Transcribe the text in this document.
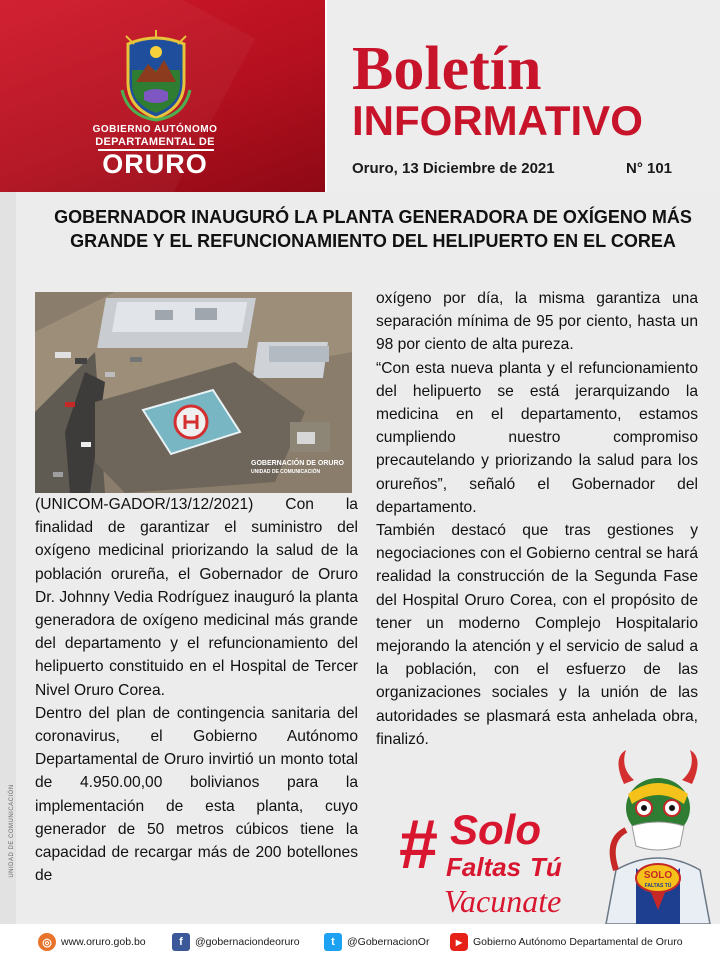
GOBIERNO AUTÓNOMO
DEPARTAMENTAL DE
ORURO
Boletín
INFORMATIVO
Oruro, 13 Diciembre de 2021	N° 101
UNIDAD DE COMUNICACIÓN
GOBERNADOR INAUGURÓ LA PLANTA GENERADORA DE OXÍGENO MÁS GRANDE Y EL REFUNCIONAMIENTO DEL HELIPUERTO EN EL COREA
GOBERNACIÓN DE ORURO
UNIDAD DE COMUNICACIÓN

(UNICOM-GADOR/13/12/2021) Con la finalidad de garantizar el suministro del oxígeno medicinal priorizando la salud de la población orureña, el Gobernador de Oruro Dr. Johnny Vedia Rodríguez inauguró la planta generadora de oxígeno medicinal más grande del departamento y el refuncionamiento del helipuerto constituido en el Hospital de Tercer Nivel Oruro Corea.

Dentro del plan de contingencia sanitaria del coronavirus, el Gobierno Autónomo Departamental de Oruro invirtió un monto total de 4.950.00,00 bolivianos para la implementación de esta planta, cuyo generador de 50 metros cúbicos tiene la capacidad de recargar más de 200 botellones de

oxígeno por día, la misma garantiza una separación mínima de 95 por ciento, hasta un 98 por ciento de alta pureza.

“Con esta nueva planta y el refuncionamiento del helipuerto se está jerarquizando la medicina en el departamento, estamos cumpliendo nuestro compromiso precautelando y priorizando la salud para los orureños”, señaló el Gobernador del departamento.

También destacó que tras gestiones y negociaciones con el Gobierno central se hará realidad la construcción de la Segunda Fase del Hospital Oruro Corea, con el propósito de tener un moderno Complejo Hospitalario mejorando la atención y el servicio de salud a la población, con el esfuerzo de las organizaciones sociales y la unión de las autoridades se plasmará esta anhelada obra, finalizó.

# Solo
Faltas Tú
Vacunate
SOLO
FALTAS TÚ
◎ www.oruro.gob.bo	f	@gobernaciondeoruro	t	@GobernacionOr	▶	Gobierno Autónomo Departamental de Oruro
